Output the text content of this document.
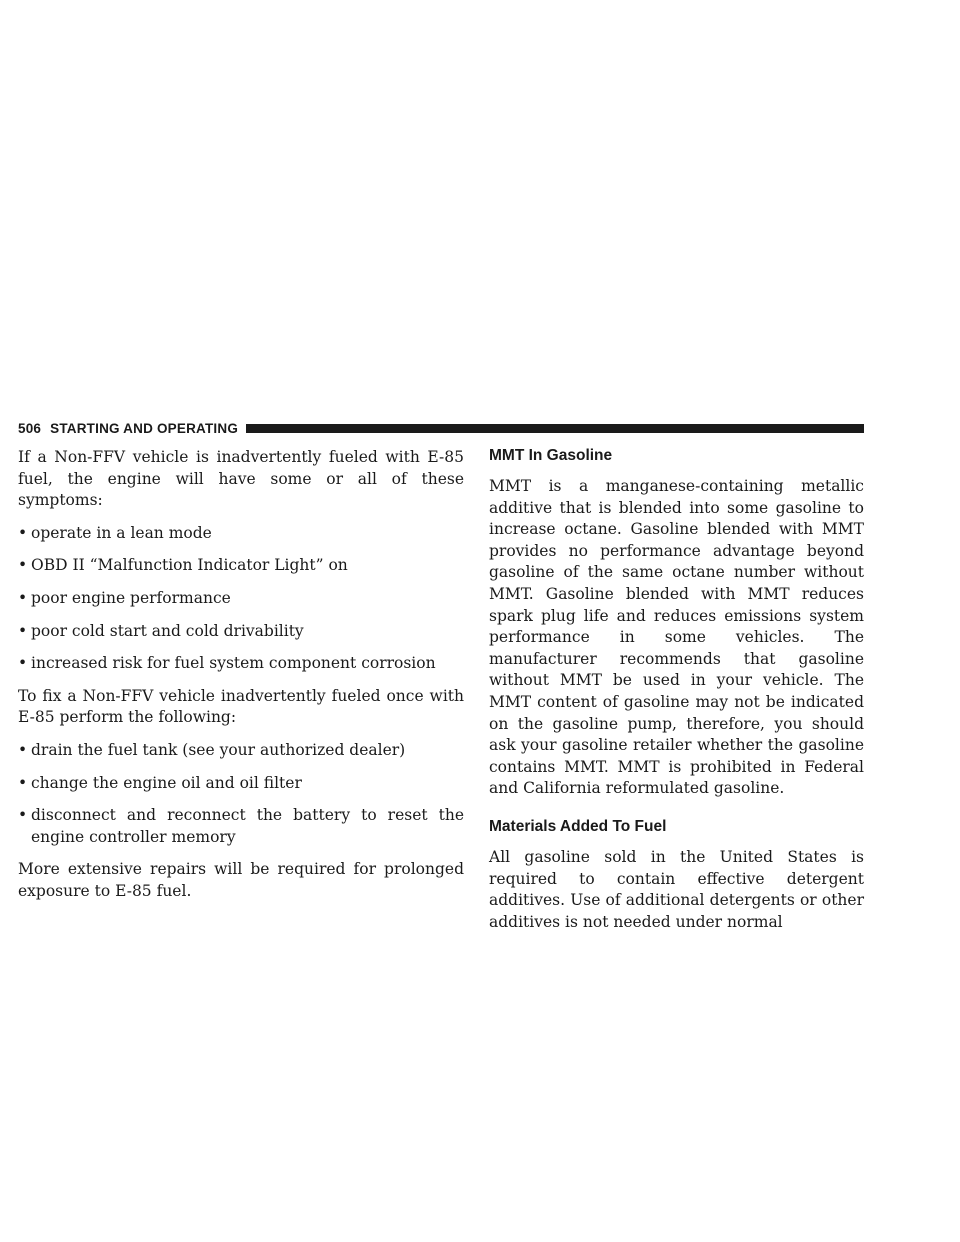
506 STARTING AND OPERATING

If a Non-FFV vehicle is inadvertently fueled with E-85 fuel, the engine will have some or all of these symptoms:

• operate in a lean mode
• OBD II “Malfunction Indicator Light” on
• poor engine performance
• poor cold start and cold drivability
• increased risk for fuel system component corrosion

To fix a Non-FFV vehicle inadvertently fueled once with E-85 perform the following:

• drain the fuel tank (see your authorized dealer)
• change the engine oil and oil filter
• disconnect and reconnect the battery to reset the engine controller memory

More extensive repairs will be required for prolonged exposure to E-85 fuel.

MMT In Gasoline

MMT is a manganese-containing metallic additive that is blended into some gasoline to increase octane. Gasoline blended with MMT provides no performance advantage beyond gasoline of the same octane number without MMT. Gasoline blended with MMT reduces spark plug life and reduces emissions system performance in some vehicles. The manufacturer recommends that gasoline without MMT be used in your vehicle. The MMT content of gasoline may not be indicated on the gasoline pump, therefore, you should ask your gasoline retailer whether the gasoline contains MMT. MMT is prohibited in Federal and California reformulated gasoline.

Materials Added To Fuel

All gasoline sold in the United States is required to contain effective detergent additives. Use of additional detergents or other additives is not needed under normal
